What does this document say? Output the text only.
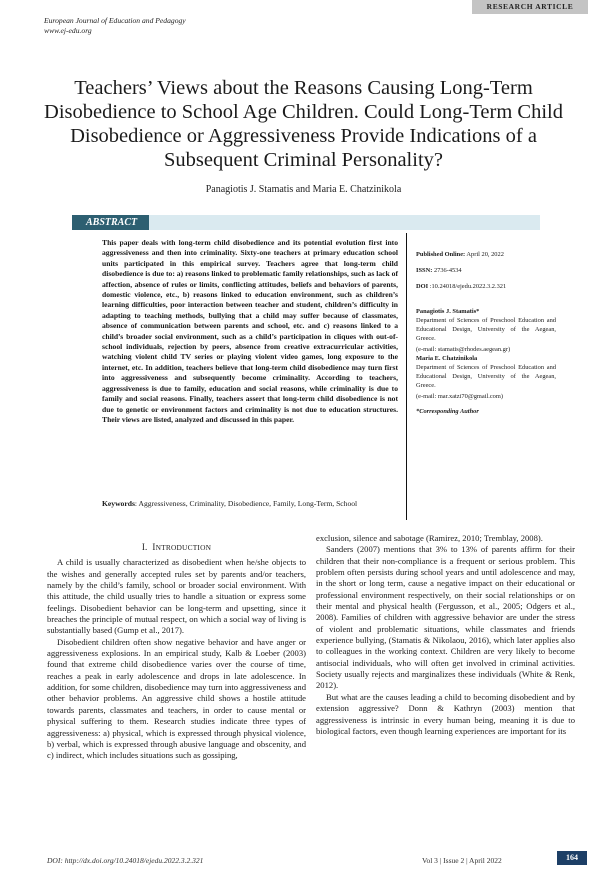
RESEARCH ARTICLE
European Journal of Education and Pedagogy
www.ej-edu.org
Teachers’ Views about the Reasons Causing Long-Term Disobedience to School Age Children. Could Long-Term Child Disobedience or Aggressiveness Provide Indications of a Subsequent Criminal Personality?
Panagiotis J. Stamatis and Maria E. Chatzinikola
ABSTRACT
This paper deals with long-term child disobedience and its potential evolution first into aggressiveness and then into criminality. Sixty-one teachers at primary education school units participated in this empirical survey. Teachers agree that long-term child disobedience is due to: a) reasons linked to problematic family relationships, such as lack of affection, absence of rules or limits, conflicting attitudes, beliefs and behaviors of parents, domestic violence, etc., b) reasons linked to education environment, such as children’s learning difficulties, poor interaction between teacher and student, children’s difficulty in adapting to teaching methods, bullying that a child may suffer because of classmates, absence of communication between parents and school, etc. and c) reasons linked to a child’s broader social environment, such as a child’s participation in cliques with out-of-school individuals, rejection by peers, absence from creative extracurricular activities, watching violent child TV series or playing violent video games, long exposure to the internet, etc. In addition, teachers believe that long-term child disobedience may turn first into aggressiveness and subsequently become criminality. According to teachers, aggressiveness is due to family, education and social reasons, while criminality is due to family and social reasons. Finally, teachers assert that long-term child disobedience is not due to genetic or environment factors and criminality is not due to education structures. Their views are listed, analyzed and discussed in this paper.
Keywords: Aggressiveness, Criminality, Disobedience, Family, Long-Term, School
Published Online: April 20, 2022
ISSN: 2736-4534
DOI :10.24018/ejedu.2022.3.2.321
Panagiotis J. Stamatis*
Department of Sciences of Preschool Education and Educational Design, University of the Aegean, Greece.
(e-mail: stamatis@rhodes.aegean.gr)
Maria E. Chatzinikola
Department of Sciences of Preschool Education and Educational Design, University of the Aegean, Greece.
(e-mail: mar.xatzi70@gmail.com)
*Corresponding Author
I. INTRODUCTION

A child is usually characterized as disobedient when he/she objects to the wishes and generally accepted rules set by parents and/or teachers, namely by the child’s family, school or broader social environment. With this attitude, the child usually tries to handle a situation or express some feelings. Disobedient behavior can be long-term and upsetting, since it breaches the principle of mutual respect, on which a social way of living is substantially based (Gump et al., 2017).

Disobedient children often show negative behavior and have anger or aggressiveness explosions. In an empirical study, Kalb & Loeber (2003) found that extreme child disobedience varies over the course of time, reaches a peak in early adolescence and drops in late adolescence. In addition, for some children, disobedience may turn into aggressiveness and other behavior problems. An aggressive child shows a hostile attitude towards parents, classmates and teachers, in order to cause mental or physical suffering to them. Research studies indicate three types of aggressiveness: a) physical, which is expressed through physical violence, b) verbal, which is expressed through abusive language and obscenity, and c) indirect, which includes situations such as gossiping,

exclusion, silence and sabotage (Ramirez, 2010; Tremblay, 2008).

Sanders (2007) mentions that 3% to 13% of parents affirm for their children that their non-compliance is a frequent or serious problem. This problem often persists during school years and until adolescence and may, in the short or long term, cause a negative impact on their educational or professional environment respectively, on their social relationships or on their mental and physical health (Fergusson, et al., 2005; Odgers et al., 2008). Families of children with aggressive behavior are under the stress of violent and problematic situations, while classmates and friends experience bullying, (Stamatis & Nikolaou, 2016), which later applies also to colleagues in the working context. Children are very likely to become antisocial individuals, who will often get involved in criminal activities. Society usually rejects and marginalizes these individuals (White & Renk, 2012).

But what are the causes leading a child to becoming disobedient and by extension aggressive? Donn & Kathryn (2003) mention that aggressiveness is intrinsic in every human being, meaning it is due to biological factors, even though learning experiences are important for its

DOI: http://dx.doi.org/10.24018/ejedu.2022.3.2.321	Vol 3 | Issue 2 | April 2022	164
